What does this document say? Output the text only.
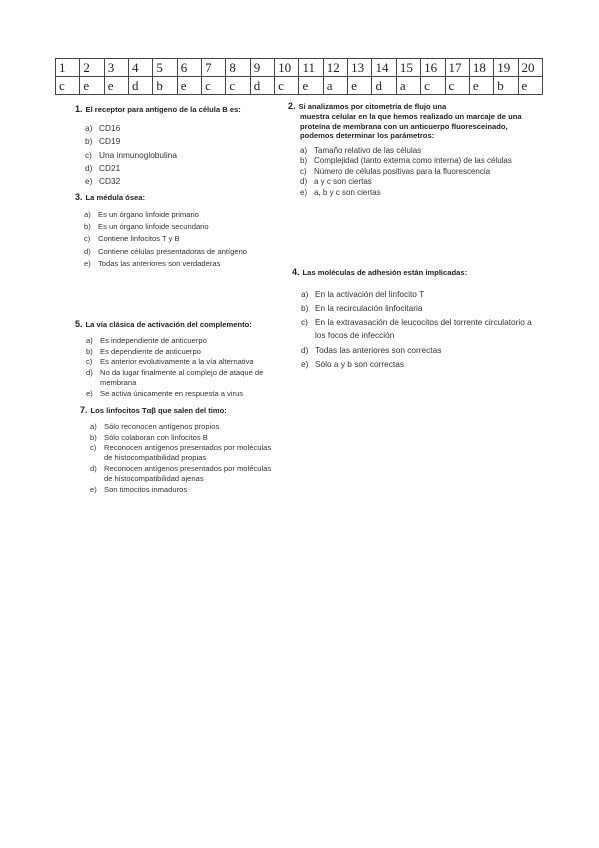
1	2	3	4	5	6	7	8	9	10	11	12	13	14	15	16	17	18	19	20
c	e	e	d	b	e	c	c	d	c	e	a	e	d	a	c	c	e	b	e

1. El receptor para antígeno de la célula B es:

a) CD16
b) CD19
c) Una inmunoglobulina
d) CD21
e) CD32

3. La médula ósea:

a) Es un órgano linfoide primario
b) Es un órgano linfoide secundario
c)	Contiene linfocitos T y B
d) Contiene células presentadoras de antígeno
e) Todas las anteriores son verdaderas

5. La vía clásica de activación del complemento:

a) Es independiente de anticuerpo
b) Es dependiente de anticuerpo
c)	Es anterior evolutivamente a la vía alternativa
d) No da lugar finalmente al complejo de ataque de membrana
e) Se activa únicamente en respuesta a virus

7. Los linfocitos Tαβ que salen del timo:

a) Sólo reconocen antígenos propios
b) Sólo colaboran con linfocitos B
c)	Reconocen antígenos presentados por moléculas de histocompatibilidad propias
d) Reconocen antígenos presentados por moléculas de histocompatibilidad ajenas
e) Son timocitos inmaduros

2. Si analizamos por citometría de flujo una
muestra celular en la que hemos realizado un marcaje de una proteína de membrana con un anticuerpo fluoresceinado, podemos determinar los parámetros:

a) Tamaño relativo de las células
b) Complejidad (tanto externa como interna) de las células
c) Número de células positivas para la fluorescencia
d) a y c son ciertas
e) a, b y c son ciertas

4. Las moléculas de adhesión están implicadas:

a) En la activación del linfocito T
b) En la recirculación linfocitaria
c) En la extravasación de leucocitos del torrente circulatorio a los focos de infección
d) Todas las anteriores son correctas
e) Sólo a y b son correctas
